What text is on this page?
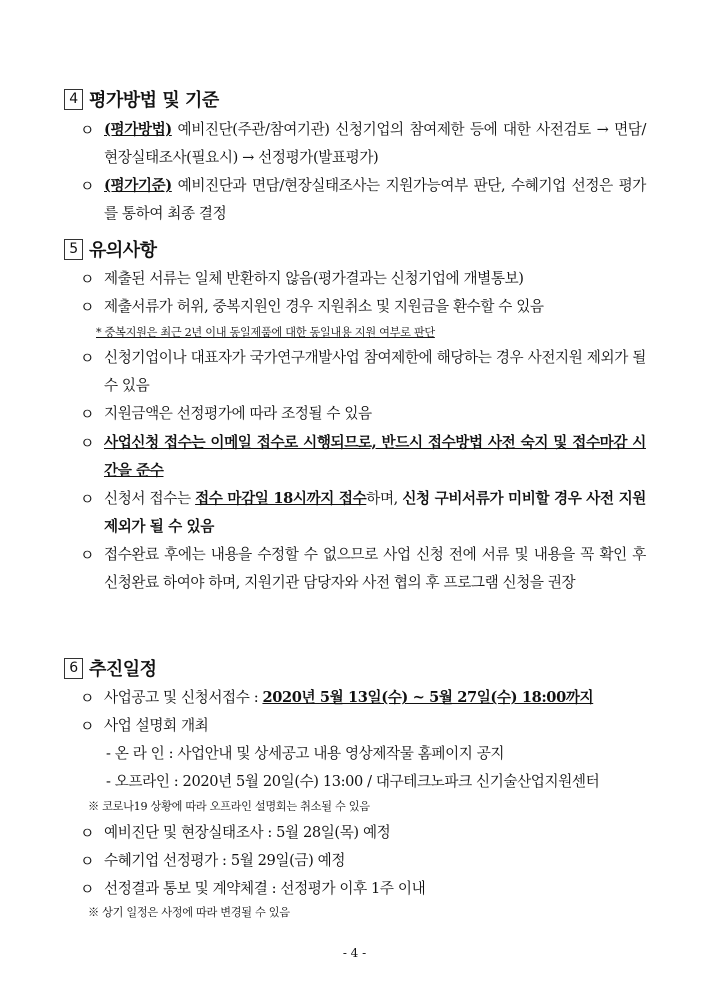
4 평가방법 및 기준
ㅇ (평가방법) 예비진단(주관/참여기관) 신청기업의 참여제한 등에 대한 사전검토 → 면담/현장실태조사(필요시) → 선정평가(발표평가)
ㅇ (평가기준) 예비진단과 면담/현장실태조사는 지원가능여부 판단, 수혜기업 선정은 평가를 통하여 최종 결정
5 유의사항
ㅇ 제출된 서류는 일체 반환하지 않음(평가결과는 신청기업에 개별통보)
ㅇ 제출서류가 허위, 중복지원인 경우 지원취소 및 지원금을 환수할 수 있음
* 중복지원은 최근 2년 이내 동일제품에 대한 동일내용 지원 여부로 판단
ㅇ 신청기업이나 대표자가 국가연구개발사업 참여제한에 해당하는 경우 사전지원 제외가 될 수 있음
ㅇ 지원금액은 선정평가에 따라 조정될 수 있음
ㅇ 사업신청 접수는 이메일 접수로 시행되므로, 반드시 접수방법 사전 숙지 및 접수마감 시간을 준수
ㅇ 신청서 접수는 접수 마감일 18시까지 접수하며, 신청 구비서류가 미비할 경우 사전 지원 제외가 될 수 있음
ㅇ 접수완료 후에는 내용을 수정할 수 없으므로 사업 신청 전에 서류 및 내용을 꼭 확인 후 신청완료 하여야 하며, 지원기관 담당자와 사전 협의 후 프로그램 신청을 권장
6 추진일정
ㅇ 사업공고 및 신청서접수 : 2020년 5월 13일(수) ~ 5월 27일(수) 18:00까지
ㅇ 사업 설명회 개최
- 온 라 인 : 사업안내 및 상세공고 내용 영상제작물 홈페이지 공지
- 오프라인 : 2020년 5월 20일(수) 13:00 / 대구테크노파크 신기술산업지원센터
※ 코로나19 상황에 따라 오프라인 설명회는 취소될 수 있음
ㅇ 예비진단 및 현장실태조사 : 5월 28일(목) 예정
ㅇ 수혜기업 선정평가 : 5월 29일(금) 예정
ㅇ 선정결과 통보 및 계약체결 : 선정평가 이후 1주 이내
※ 상기 일정은 사정에 따라 변경될 수 있음
- 4 -
